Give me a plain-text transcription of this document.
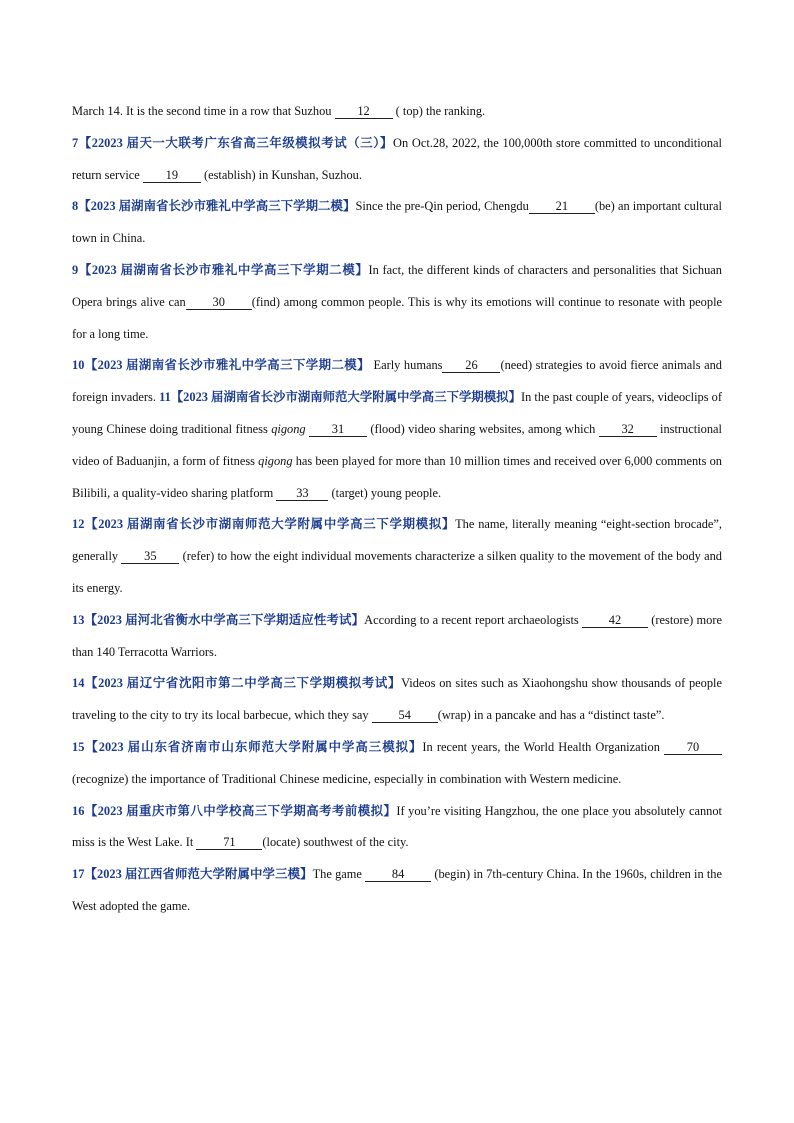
March 14. It is the second time in a row that Suzhou 12 ( top) the ranking.

7【22023 届天一大联考广东省高三年级模拟考试（三）】On Oct.28, 2022, the 100,000th store committed to unconditional return service 19 (establish) in Kunshan, Suzhou.

8【2023 届湖南省长沙市雅礼中学高三下学期二模】Since the pre-Qin period, Chengdu 21 (be) an important cultural town in China.

9【2023 届湖南省长沙市雅礼中学高三下学期二模】In fact, the different kinds of characters and personalities that Sichuan Opera brings alive can 30 (find) among common people. This is why its emotions will continue to resonate with people for a long time.

10【2023 届湖南省长沙市雅礼中学高三下学期二模】 Early humans 26 (need) strategies to avoid fierce animals and foreign invaders. 11【2023 届湖南省长沙市湖南师范大学附属中学高三下学期模拟】In the past couple of years, videoclips of young Chinese doing traditional fitness qigong 31 (flood) video sharing websites, among which 32 instructional video of Baduanjin, a form of fitness qigong has been played for more than 10 million times and received over 6,000 comments on Bilibili, a quality-video sharing platform 33 (target) young people.

12【2023 届湖南省长沙市湖南师范大学附属中学高三下学期模拟】The name, literally meaning “eight-section brocade”, generally 35 (refer) to how the eight individual movements characterize a silken quality to the movement of the body and its energy.

13【2023 届河北省衡水中学高三下学期适应性考试】According to a recent report archaeologists 42 (restore) more than 140 Terracotta Warriors.

14【2023 届辽宁省沈阳市第二中学高三下学期模拟考试】Videos on sites such as Xiaohongshu show thousands of people traveling to the city to try its local barbecue, which they say 54 (wrap) in a pancake and has a “distinct taste”.

15【2023 届山东省济南市山东师范大学附属中学高三模拟】In recent years, the World Health Organization 70 (recognize) the importance of Traditional Chinese medicine, especially in combination with Western medicine.

16【2023 届重庆市第八中学校高三下学期高考考前模拟】If you’re visiting Hangzhou, the one place you absolutely cannot miss is the West Lake. It 71 (locate) southwest of the city.

17【2023 届江西省师范大学附属中学三模】The game 84 (begin) in 7th-century China. In the 1960s, children in the West adopted the game.
